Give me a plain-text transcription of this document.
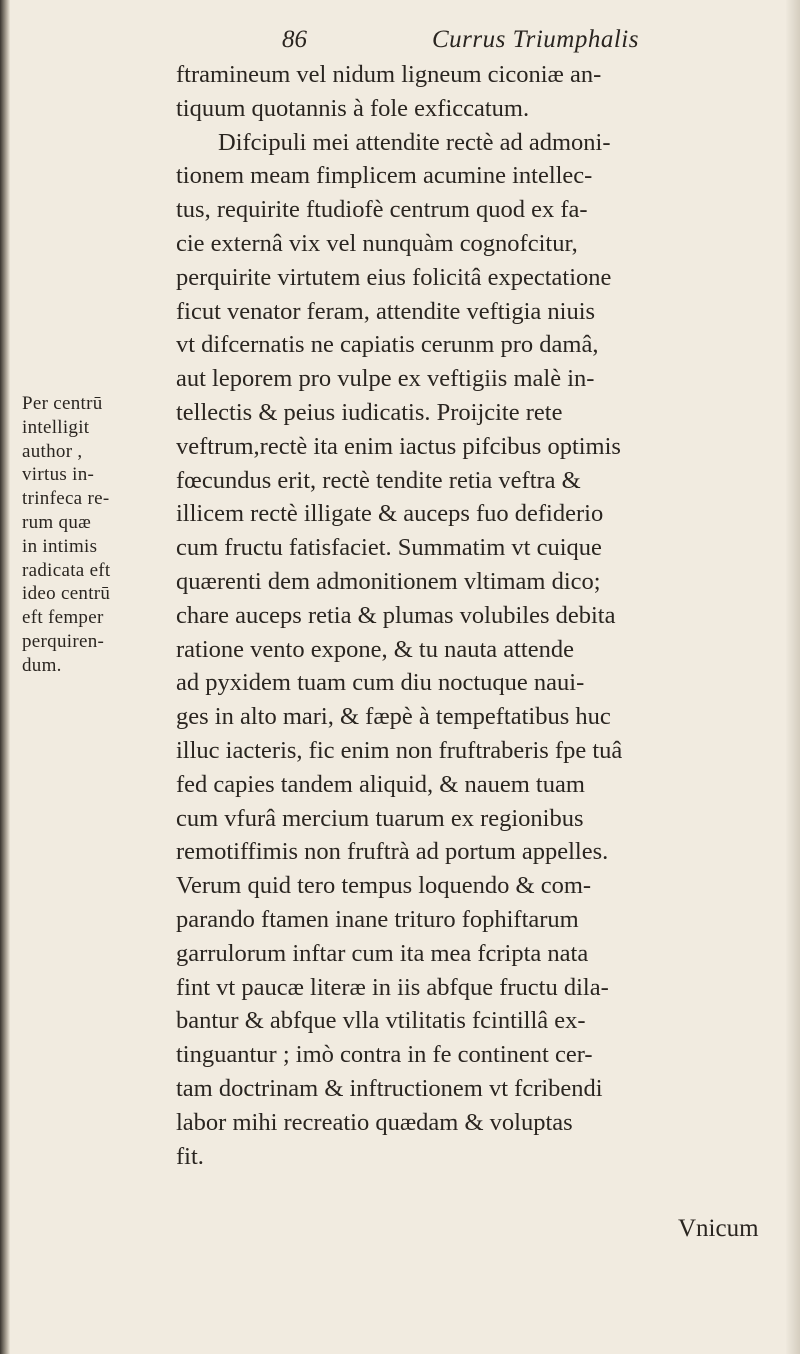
86	Currus Triumphalis
Per centrū
intelligit
author ,
virtus in-
trinfeca re-
rum quæ
in intimis
radicata eft
ideo centrū
eft femper
perquiren-
dum.
ftramineum vel nidum ligneum ciconiæ an-
tiquum quotannis à fole exficcatum.
Difcipuli mei attendite rectè ad admoni-
tionem meam fimplicem acumine intellec-
tus, requirite ftudiofè centrum quod ex fa-
cie externâ vix vel nunquàm cognofcitur,
perquirite virtutem eius folicitâ expectatione
ficut venator feram, attendite veftigia niuis
vt difcernatis ne capiatis cerunm pro damâ,
aut leporem pro vulpe ex veftigiis malè in-
tellectis & peius iudicatis. Proijcite rete
veftrum,rectè ita enim iactus pifcibus optimis
fœcundus erit, rectè tendite retia veftra &
illicem rectè illigate & auceps fuo defiderio
cum fructu fatisfaciet. Summatim vt cuique
quærenti dem admonitionem vltimam dico;
chare auceps retia & plumas volubiles debita
ratione vento expone, & tu nauta attende
ad pyxidem tuam cum diu noctuque naui-
ges in alto mari, & fæpè à tempeftatibus huc
illuc iacteris, fic enim non fruftraberis fpe tuâ
fed capies tandem aliquid, & nauem tuam
cum vfurâ mercium tuarum ex regionibus
remotiffimis non fruftrà ad portum appelles.
Verum quid tero tempus loquendo & com-
parando ftamen inane trituro fophiftarum
garrulorum inftar cum ita mea fcripta nata
fint vt paucæ literæ in iis abfque fructu dila-
bantur & abfque vlla vtilitatis fcintillâ ex-
tinguantur ; imò contra in fe continent cer-
tam doctrinam & inftructionem vt fcribendi
labor mihi recreatio quædam & voluptas
fit.
Vnicum
